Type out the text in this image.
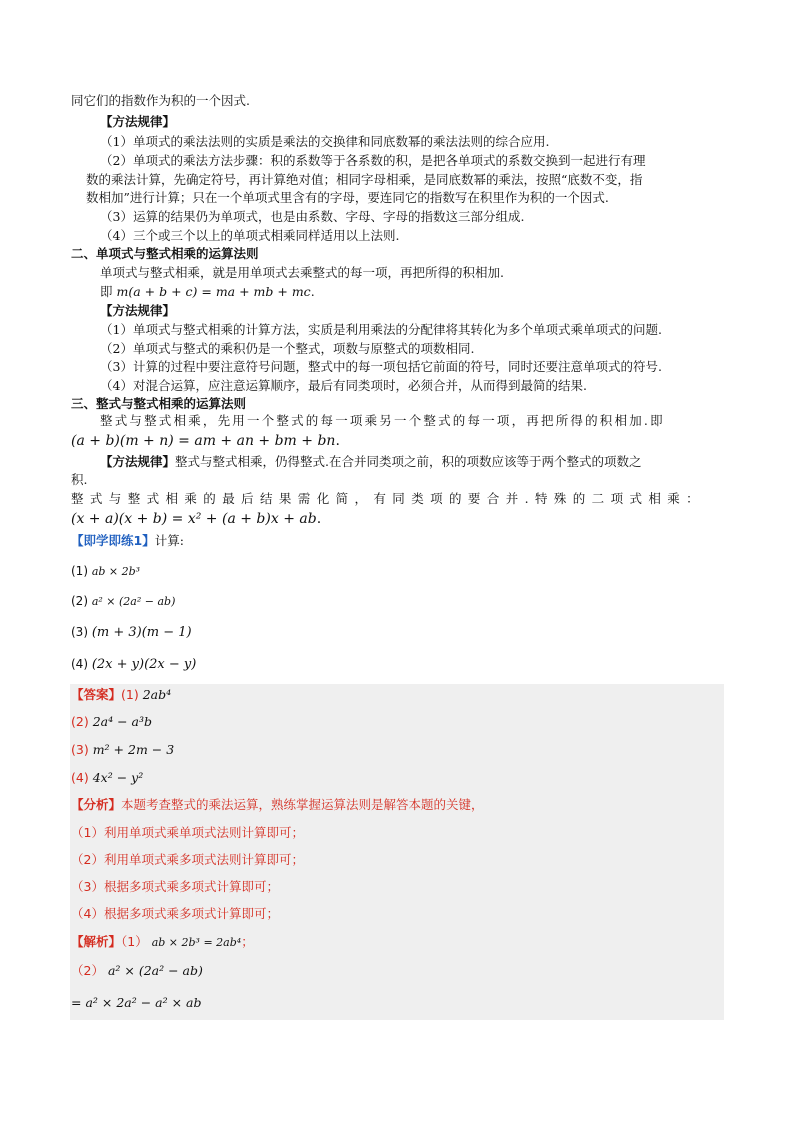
同它们的指数作为积的一个因式.
【方法规律】
（1）单项式的乘法法则的实质是乘法的交换律和同底数幂的乘法法则的综合应用.
（2）单项式的乘法方法步骤：积的系数等于各系数的积，是把各单项式的系数交换到一起进行有理
数的乘法计算，先确定符号，再计算绝对值；相同字母相乘，是同底数幂的乘法，按照“底数不变，指
数相加”进行计算；只在一个单项式里含有的字母，要连同它的指数写在积里作为积的一个因式.
（3）运算的结果仍为单项式，也是由系数、字母、字母的指数这三部分组成.
（4）三个或三个以上的单项式相乘同样适用以上法则.
二、单项式与整式相乘的运算法则
单项式与整式相乘，就是用单项式去乘整式的每一项，再把所得的积相加.
即 m(a + b + c) = ma + mb + mc.
【方法规律】
（1）单项式与整式相乘的计算方法，实质是利用乘法的分配律将其转化为多个单项式乘单项式的问题.
（2）单项式与整式的乘积仍是一个整式，项数与原整式的项数相同.
（3）计算的过程中要注意符号问题，整式中的每一项包括它前面的符号，同时还要注意单项式的符号.
（4）对混合运算，应注意运算顺序，最后有同类项时，必须合并，从而得到最简的结果.
三、整式与整式相乘的运算法则
整式与整式相乘，先用一个整式的每一项乘另一个整式的每一项，再把所得的积相加.即
(a + b)(m + n) = am + an + bm + bn.
【方法规律】整式与整式相乘，仍得整式.在合并同类项之前，积的项数应该等于两个整式的项数之
积.
整式与整式相乘的最后结果需化简，有同类项的要合并.特殊的二项式相乘：
(x + a)(x + b) = x² + (a + b)x + ab.
【即学即练1】计算:
(1) ab × 2b³
(2) a² × (2a² − ab)
(3) (m + 3)(m − 1)
(4) (2x + y)(2x − y)
【答案】(1) 2ab⁴
(2) 2a⁴ − a³b
(3) m² + 2m − 3
(4) 4x² − y²
【分析】本题考查整式的乘法运算，熟练掌握运算法则是解答本题的关键，
（1）利用单项式乘单项式法则计算即可；
（2）利用单项式乘多项式法则计算即可；
（3）根据多项式乘多项式计算即可；
（4）根据多项式乘多项式计算即可；
【解析】（1） ab × 2b³ = 2ab⁴；
（2） a² × (2a² − ab)
= a² × 2a² − a² × ab
